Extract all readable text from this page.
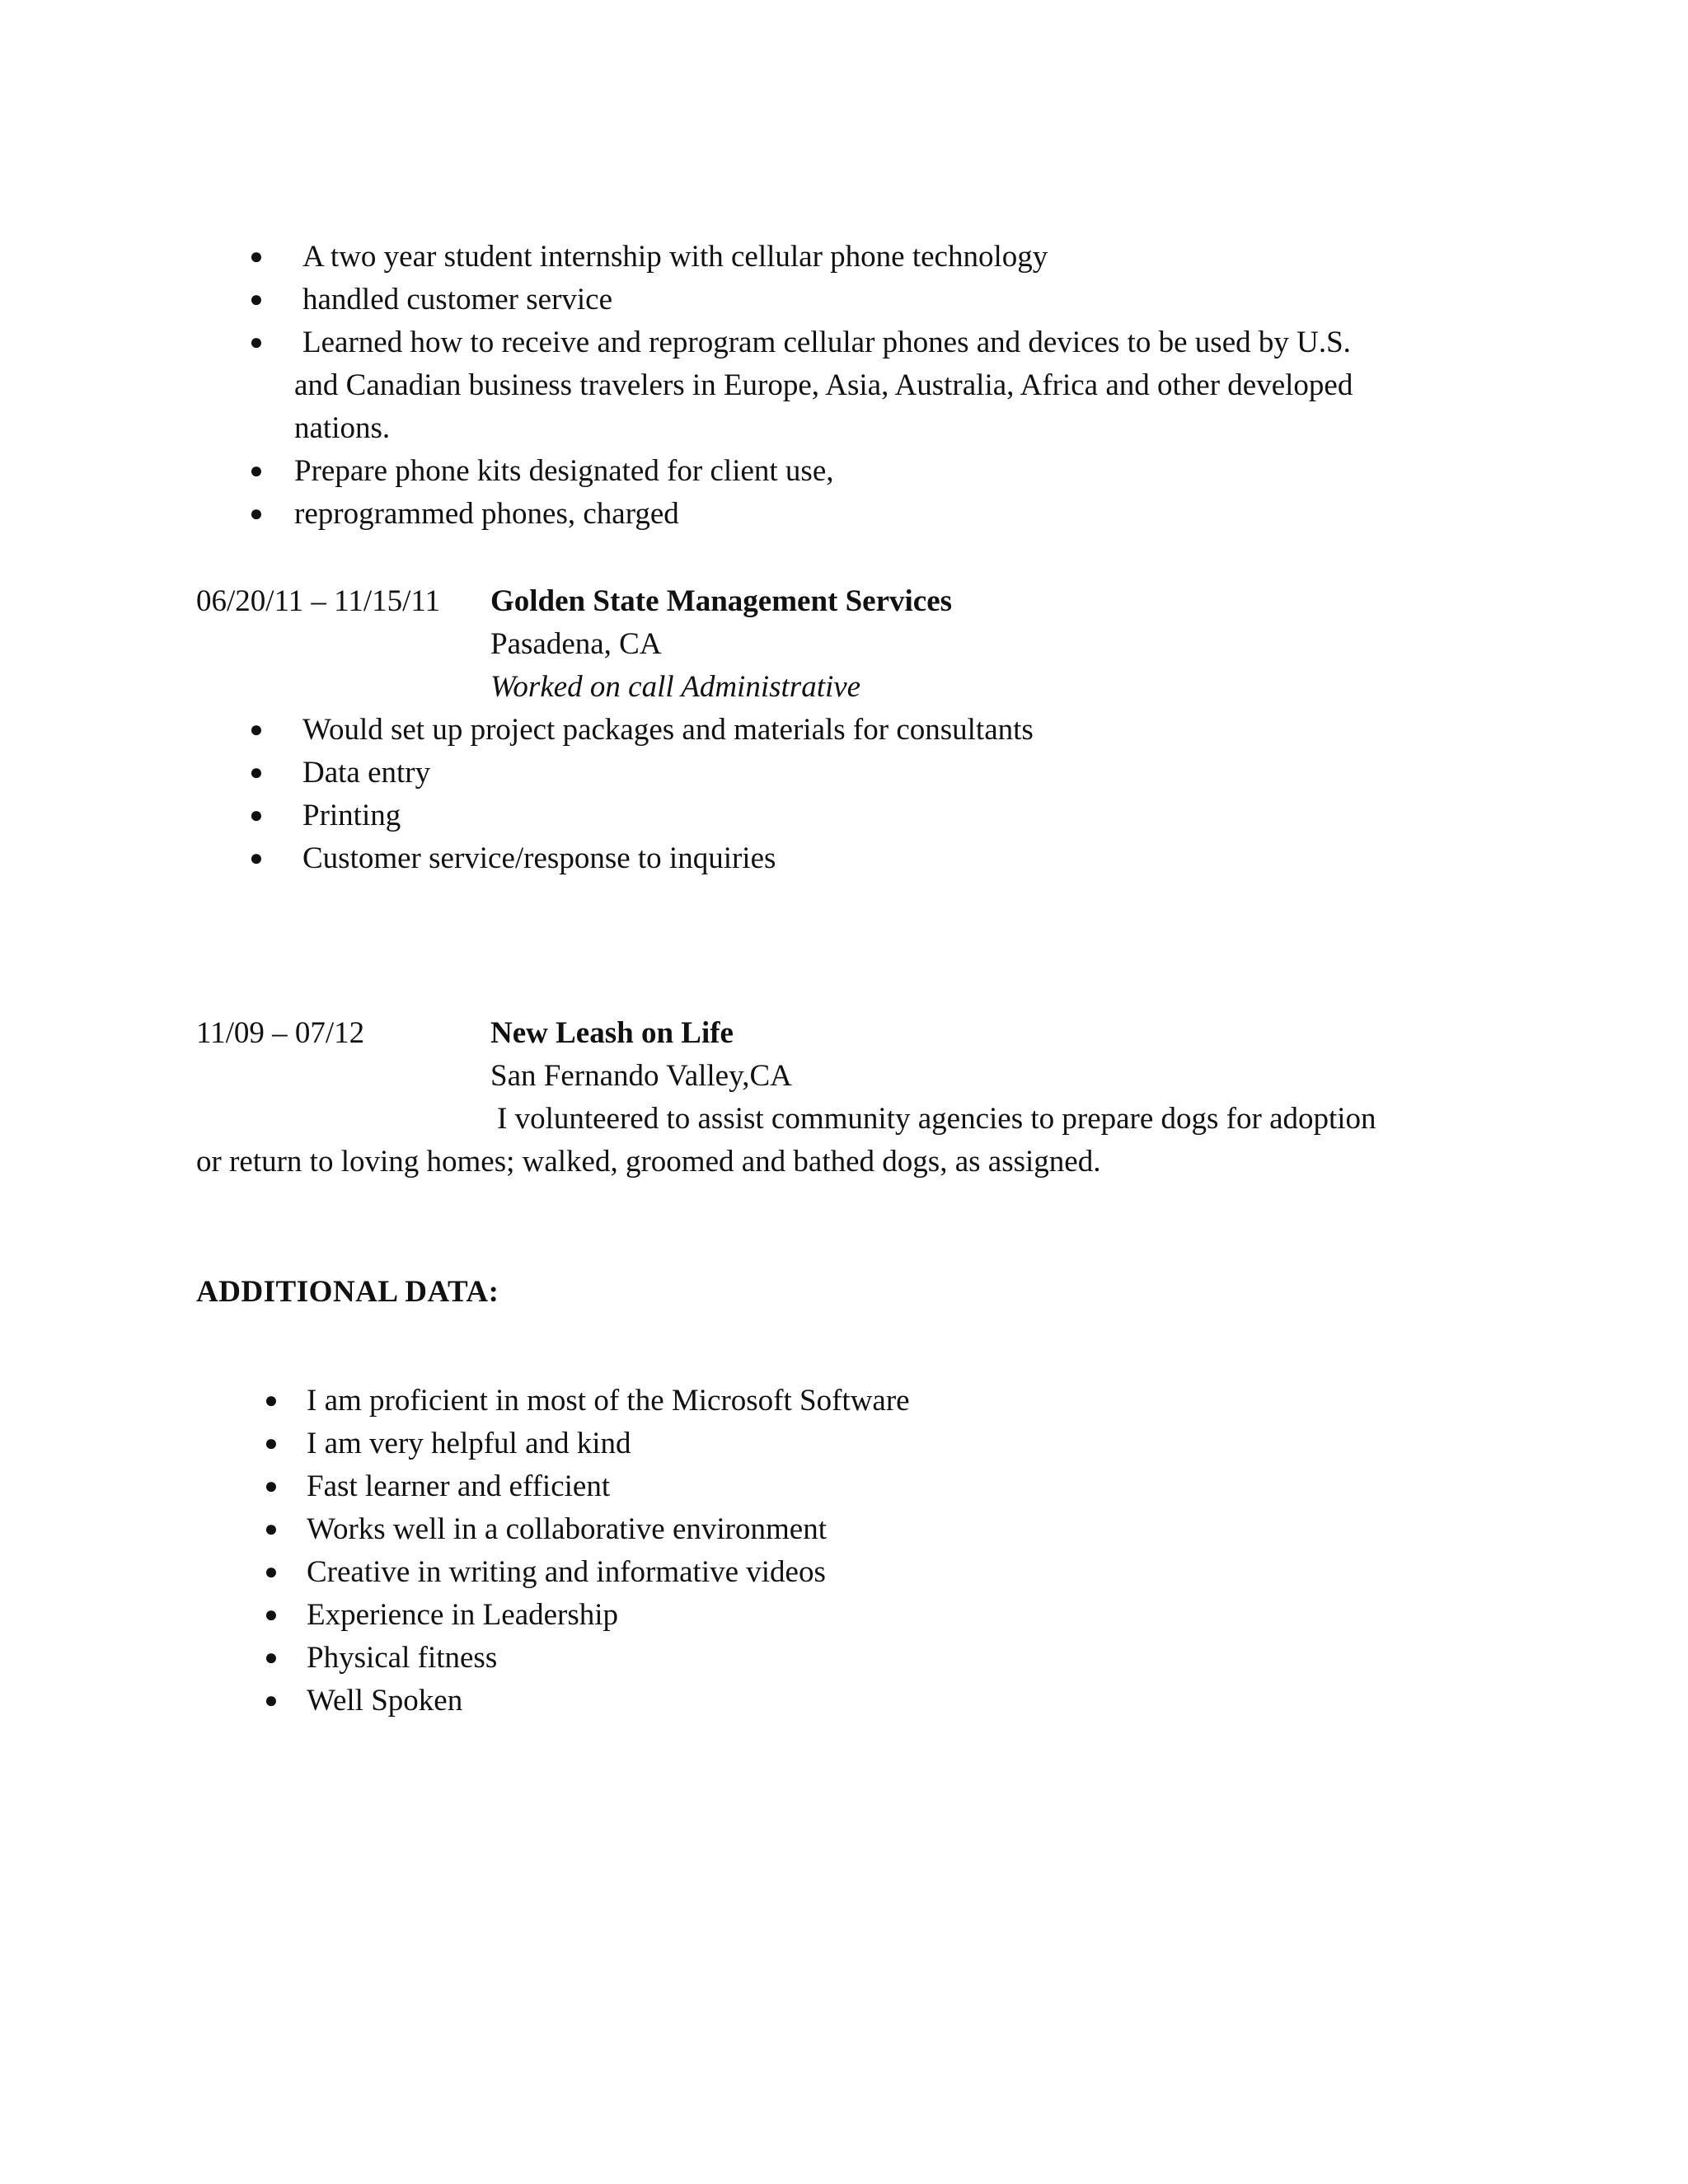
● A two year student internship with cellular phone technology
● handled customer service
● Learned how to receive and reprogram cellular phones and devices to be used by U.S.
and Canadian business travelers in Europe, Asia, Australia, Africa and other developed
nations.
● Prepare phone kits designated for client use,
● reprogrammed phones, charged
06/20/11 – 11/15/11 Golden State Management Services
Pasadena, CA
Worked on call Administrative
● Would set up project packages and materials for consultants
● Data entry
● Printing
● Customer service/response to inquiries
11/09 – 07/12	New Leash on Life
San Fernando Valley,CA
I volunteered to assist community agencies to prepare dogs for adoption
or return to loving homes; walked, groomed and bathed dogs, as assigned.
ADDITIONAL DATA:
● I am proficient in most of the Microsoft Software
● I am very helpful and kind
● Fast learner and efficient
● Works well in a collaborative environment
● Creative in writing and informative videos
● Experience in Leadership
● Physical fitness
● Well Spoken
